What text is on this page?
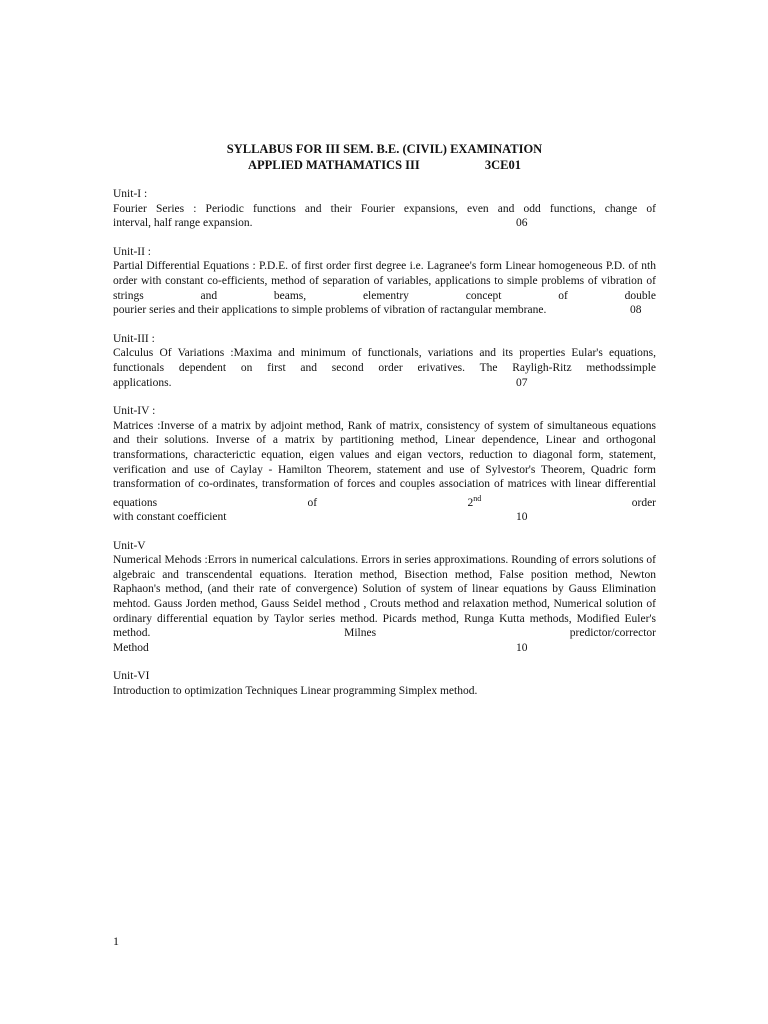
SYLLABUS FOR III SEM. B.E. (CIVIL) EXAMINATION
APPLIED MATHAMATICS III	3CE01
Unit-I :
Fourier Series : Periodic functions and their Fourier expansions, even and odd functions, change of
interval, half range expansion.	06
Unit-II :
Partial Differential Equations : P.D.E. of first order first degree i.e. Lagranee's form Linear homogeneous P.D. of nth order with constant co-efficients, method of separation of variables, applications to simple problems of vibration of strings and beams, elementry concept of double
pourier series and their applications to simple problems of vibration of ractangular membrane.	08
Unit-III :
Calculus Of Variations :Maxima and minimum of functionals, variations and its properties Eular's equations, functionals dependent on first and second order erivatives. The Rayligh-Ritz methodssimple
applications.	07
Unit-IV :
Matrices :Inverse of a matrix by adjoint method, Rank of matrix, consistency of system of simultaneous equations and their solutions. Inverse of a matrix by partitioning method, Linear dependence, Linear and orthogonal transformations, characterictic equation, eigen values and eigan vectors, reduction to diagonal form, statement, verification and use of Caylay - Hamilton Theorem, statement and use of Sylvestor's Theorem, Quadric form transformation of co-ordinates, transformation of forces and couples association of matrices with linear differential equations of 2nd order
with constant coefficient	10
Unit-V
Numerical Mehods :Errors in numerical calculations. Errors in series approximations. Rounding of errors solutions of algebraic and transcendental equations. Iteration method, Bisection method, False position method, Newton Raphaon's method, (and their rate of convergence) Solution of system of linear equations by Gauss Elimination mehtod. Gauss Jorden method, Gauss Seidel method , Crouts method and relaxation method, Numerical solution of ordinary differential equation by Taylor series method. Picards method, Runga Kutta methods, Modified Euler's method. Milnes predictor/corrector
Method	10
Unit-VI
Introduction to optimization Techniques Linear programming Simplex method.
1
